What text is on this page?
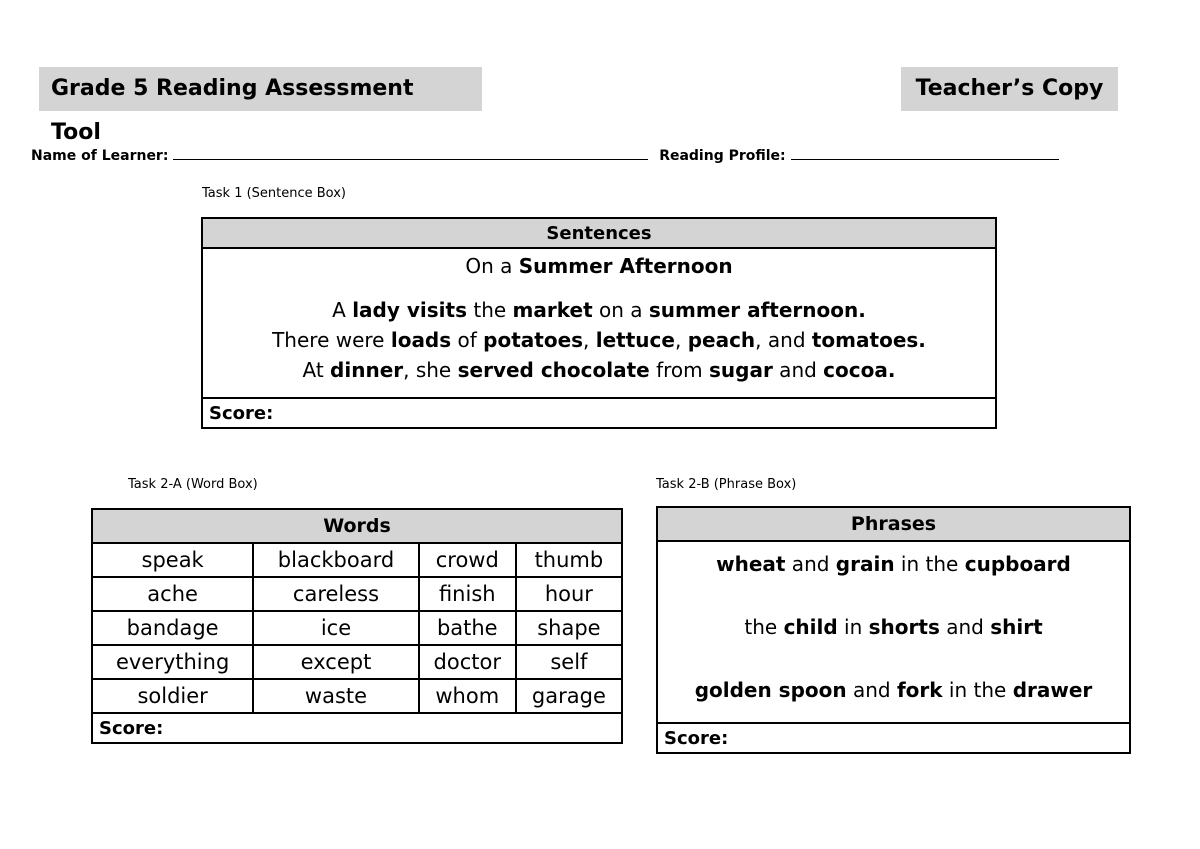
Grade 5 Reading Assessment Tool
Teacher’s Copy
Name of Learner:	Reading Profile:
Task 1 (Sentence Box)
Sentences

On a Summer Afternoon
A lady visits the market on a summer afternoon.
There were loads of potatoes, lettuce, peach, and tomatoes.
At dinner, she served chocolate from sugar and cocoa.

Score:
Task 2-A (Word Box)
Words			
speak	blackboard	crowd	thumb
ache	careless	finish	hour
bandage	ice	bathe	shape
everything	except	doctor	self
soldier	waste	whom	garage
Score:			
Task 2-B (Phrase Box)
Phrases

wheat and grain in the cupboard
the child in shorts and shirt
golden spoon and fork in the drawer

Score:
